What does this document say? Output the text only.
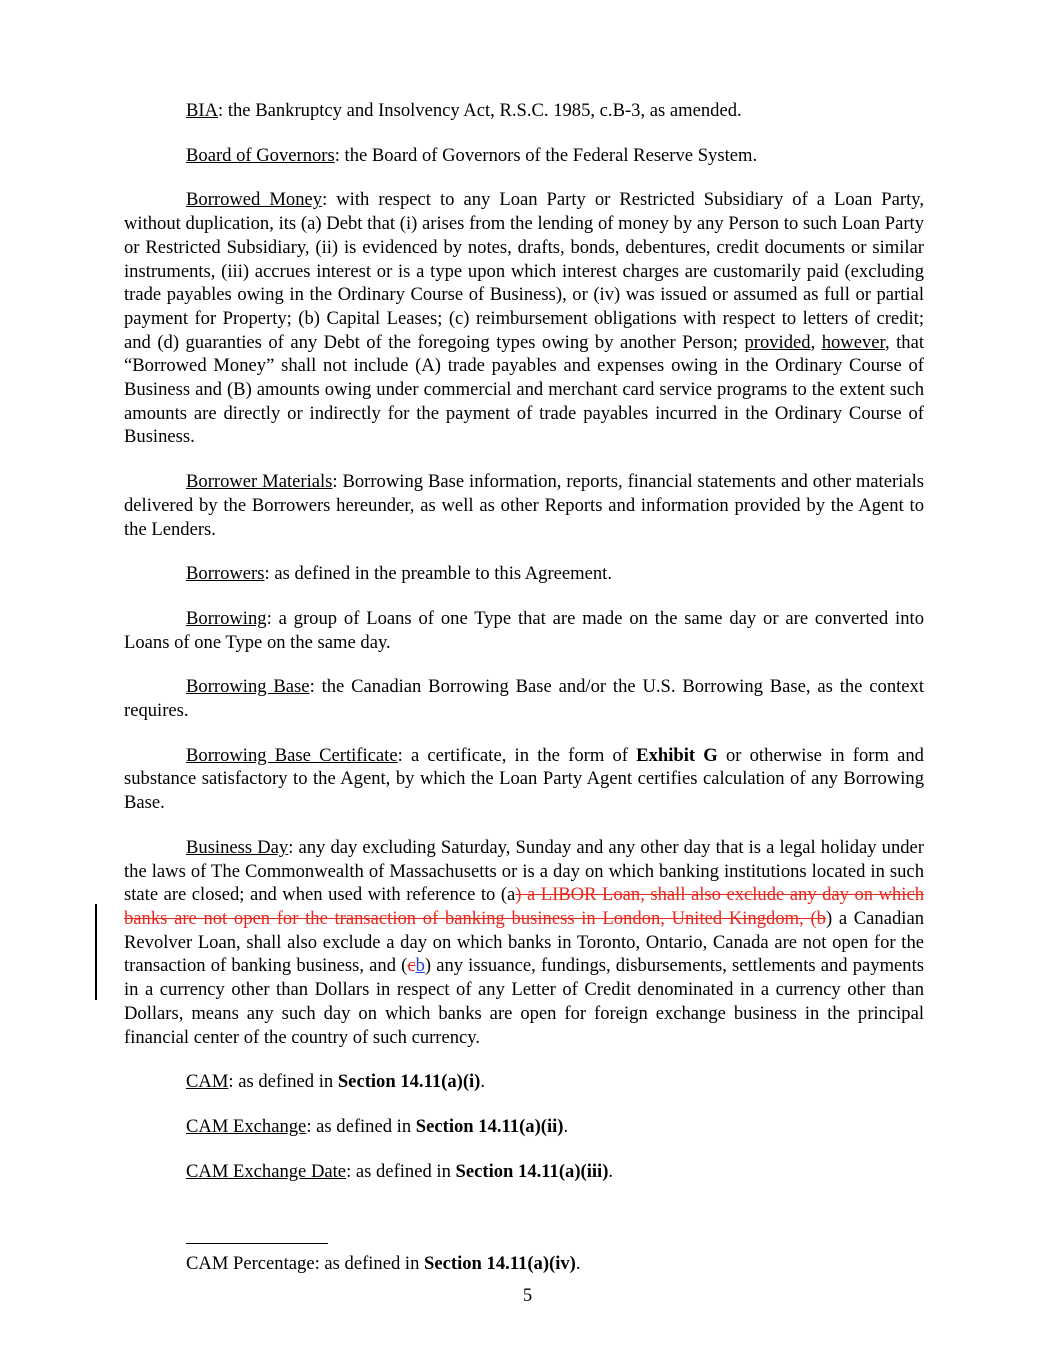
BIA: the Bankruptcy and Insolvency Act, R.S.C. 1985, c.B-3, as amended.

Board of Governors: the Board of Governors of the Federal Reserve System.

Borrowed Money: with respect to any Loan Party or Restricted Subsidiary of a Loan Party, without duplication, its (a) Debt that (i) arises from the lending of money by any Person to such Loan Party or Restricted Subsidiary, (ii) is evidenced by notes, drafts, bonds, debentures, credit documents or similar instruments, (iii) accrues interest or is a type upon which interest charges are customarily paid (excluding trade payables owing in the Ordinary Course of Business), or (iv) was issued or assumed as full or partial payment for Property; (b) Capital Leases; (c) reimbursement obligations with respect to letters of credit; and (d) guaranties of any Debt of the foregoing types owing by another Person; provided, however, that “Borrowed Money” shall not include (A) trade payables and expenses owing in the Ordinary Course of Business and (B) amounts owing under commercial and merchant card service programs to the extent such amounts are directly or indirectly for the payment of trade payables incurred in the Ordinary Course of Business.

Borrower Materials: Borrowing Base information, reports, financial statements and other materials delivered by the Borrowers hereunder, as well as other Reports and information provided by the Agent to the Lenders.

Borrowers: as defined in the preamble to this Agreement.

Borrowing: a group of Loans of one Type that are made on the same day or are converted into Loans of one Type on the same day.

Borrowing Base: the Canadian Borrowing Base and/or the U.S. Borrowing Base, as the context requires.

Borrowing Base Certificate: a certificate, in the form of Exhibit G or otherwise in form and substance satisfactory to the Agent, by which the Loan Party Agent certifies calculation of any Borrowing Base.

Business Day: any day excluding Saturday, Sunday and any other day that is a legal holiday under the laws of The Commonwealth of Massachusetts or is a day on which banking institutions located in such state are closed; and when used with reference to (a) a LIBOR Loan, shall also exclude any day on which banks are not open for the transaction of banking business in London, United Kingdom, (b) a Canadian Revolver Loan, shall also exclude a day on which banks in Toronto, Ontario, Canada are not open for the transaction of banking business, and (cb) any issuance, fundings, disbursements, settlements and payments in a currency other than Dollars in respect of any Letter of Credit denominated in a currency other than Dollars, means any such day on which banks are open for foreign exchange business in the principal financial center of the country of such currency.

CAM: as defined in Section 14.11(a)(i).

CAM Exchange: as defined in Section 14.11(a)(ii).

CAM Exchange Date: as defined in Section 14.11(a)(iii).

CAM Percentage: as defined in Section 14.11(a)(iv).

5
